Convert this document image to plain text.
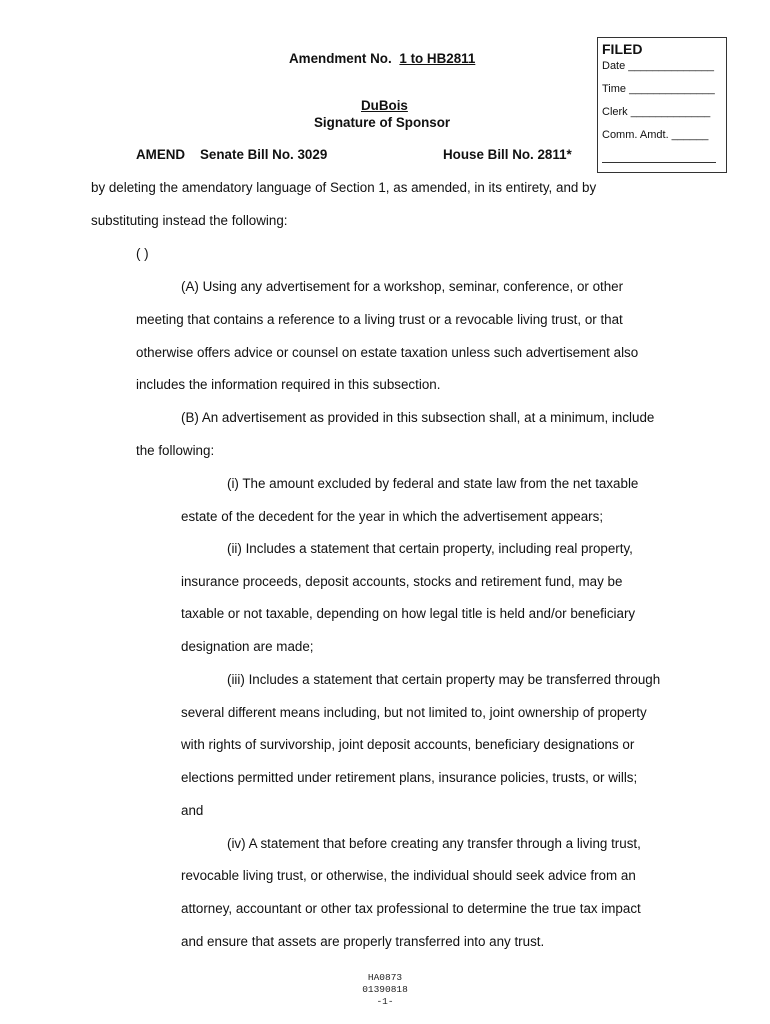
Amendment No. 1 to HB2811
DuBois
Signature of Sponsor
AMEND Senate Bill No. 3029	House Bill No. 2811*
FILED
Date ______________
Time ______________
Clerk _____________
Comm. Amdt. ______
by deleting the amendatory language of Section 1, as amended, in its entirety, and by
substituting instead the following:
( )
(A) Using any advertisement for a workshop, seminar, conference, or other
meeting that contains a reference to a living trust or a revocable living trust, or that
otherwise offers advice or counsel on estate taxation unless such advertisement also
includes the information required in this subsection.
(B) An advertisement as provided in this subsection shall, at a minimum, include
the following:
(i) The amount excluded by federal and state law from the net taxable
estate of the decedent for the year in which the advertisement appears;
(ii) Includes a statement that certain property, including real property,
insurance proceeds, deposit accounts, stocks and retirement fund, may be
taxable or not taxable, depending on how legal title is held and/or beneficiary
designation are made;
(iii) Includes a statement that certain property may be transferred through
several different means including, but not limited to, joint ownership of property
with rights of survivorship, joint deposit accounts, beneficiary designations or
elections permitted under retirement plans, insurance policies, trusts, or wills;
and
(iv) A statement that before creating any transfer through a living trust,
revocable living trust, or otherwise, the individual should seek advice from an
attorney, accountant or other tax professional to determine the true tax impact
and ensure that assets are properly transferred into any trust.
HA0873
01390818
-1-
